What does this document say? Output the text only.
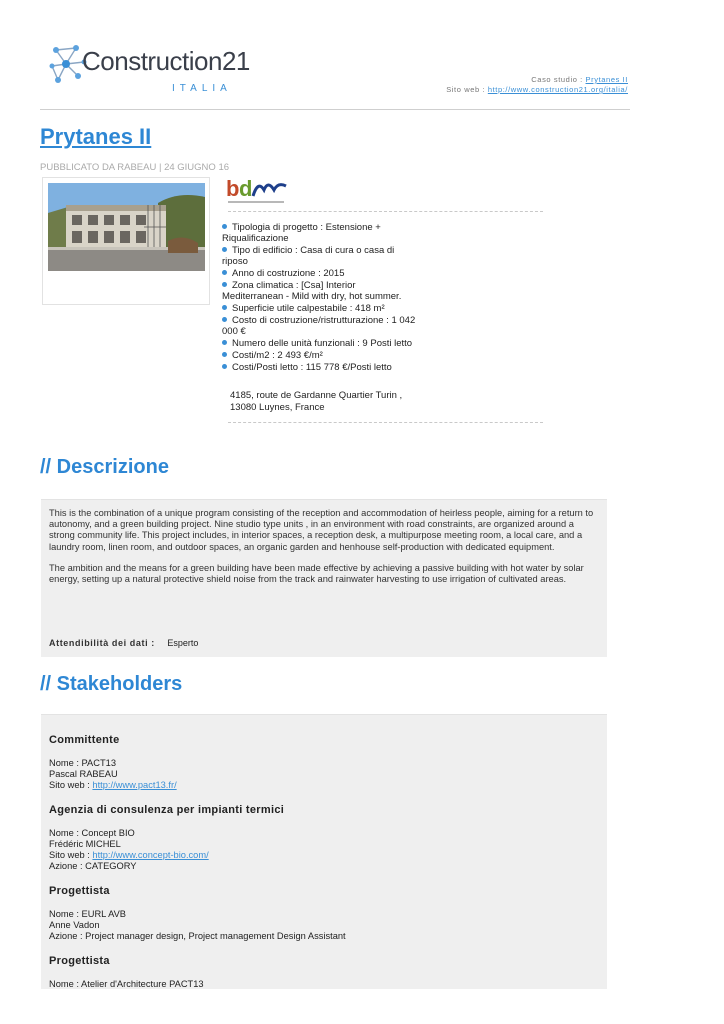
Construction21
ITALIA
Caso studio : Prytanes II
Sito web : http://www.construction21.org/italia/
Prytanes II
PUBBLICATO DA RABEAU | 24 GIUGNO 16
b d
Tipologia di progetto : Estensione + Riqualificazione
Tipo di edificio : Casa di cura o casa di riposo
Anno di costruzione : 2015
Zona climatica : [Csa] Interior Mediterranean - Mild with dry, hot summer.
Superficie utile calpestabile : 418 m²
Costo di costruzione/ristrutturazione : 1 042 000 €
Numero delle unità funzionali : 9 Posti letto
Costi/m2 : 2 493 €/m²
Costi/Posti letto : 115 778 €/Posti letto
4185, route de Gardanne Quartier Turin ,
13080 Luynes, France
// Descrizione

This is the combination of a unique program consisting of the reception and accommodation of heirless people, aiming for a return to autonomy, and a green building project. Nine studio type units , in an environment with road constraints, are organized around a strong community life. This project includes, in interior spaces, a reception desk, a multipurpose meeting room, a local care, and a laundry room, linen room, and outdoor spaces, an organic garden and henhouse self-production with dedicated equipment.

The ambition and the means for a green building have been made effective by achieving a passive building with hot water by solar energy, setting up a natural protective shield noise from the track and rainwater harvesting to use irrigation of cultivated areas.

Attendibilità dei dati : Esperto
// Stakeholders
Committente
Nome : PACT13
Pascal RABEAU
Sito web : http://www.pact13.fr/
Agenzia di consulenza per impianti termici
Nome : Concept BIO
Frédéric MICHEL
Sito web : http://www.concept-bio.com/
Azione : CATEGORY
Progettista
Nome : EURL AVB
Anne Vadon
Azione : Project manager design, Project management Design Assistant
Progettista
Nome : Atelier d'Architecture PACT13
